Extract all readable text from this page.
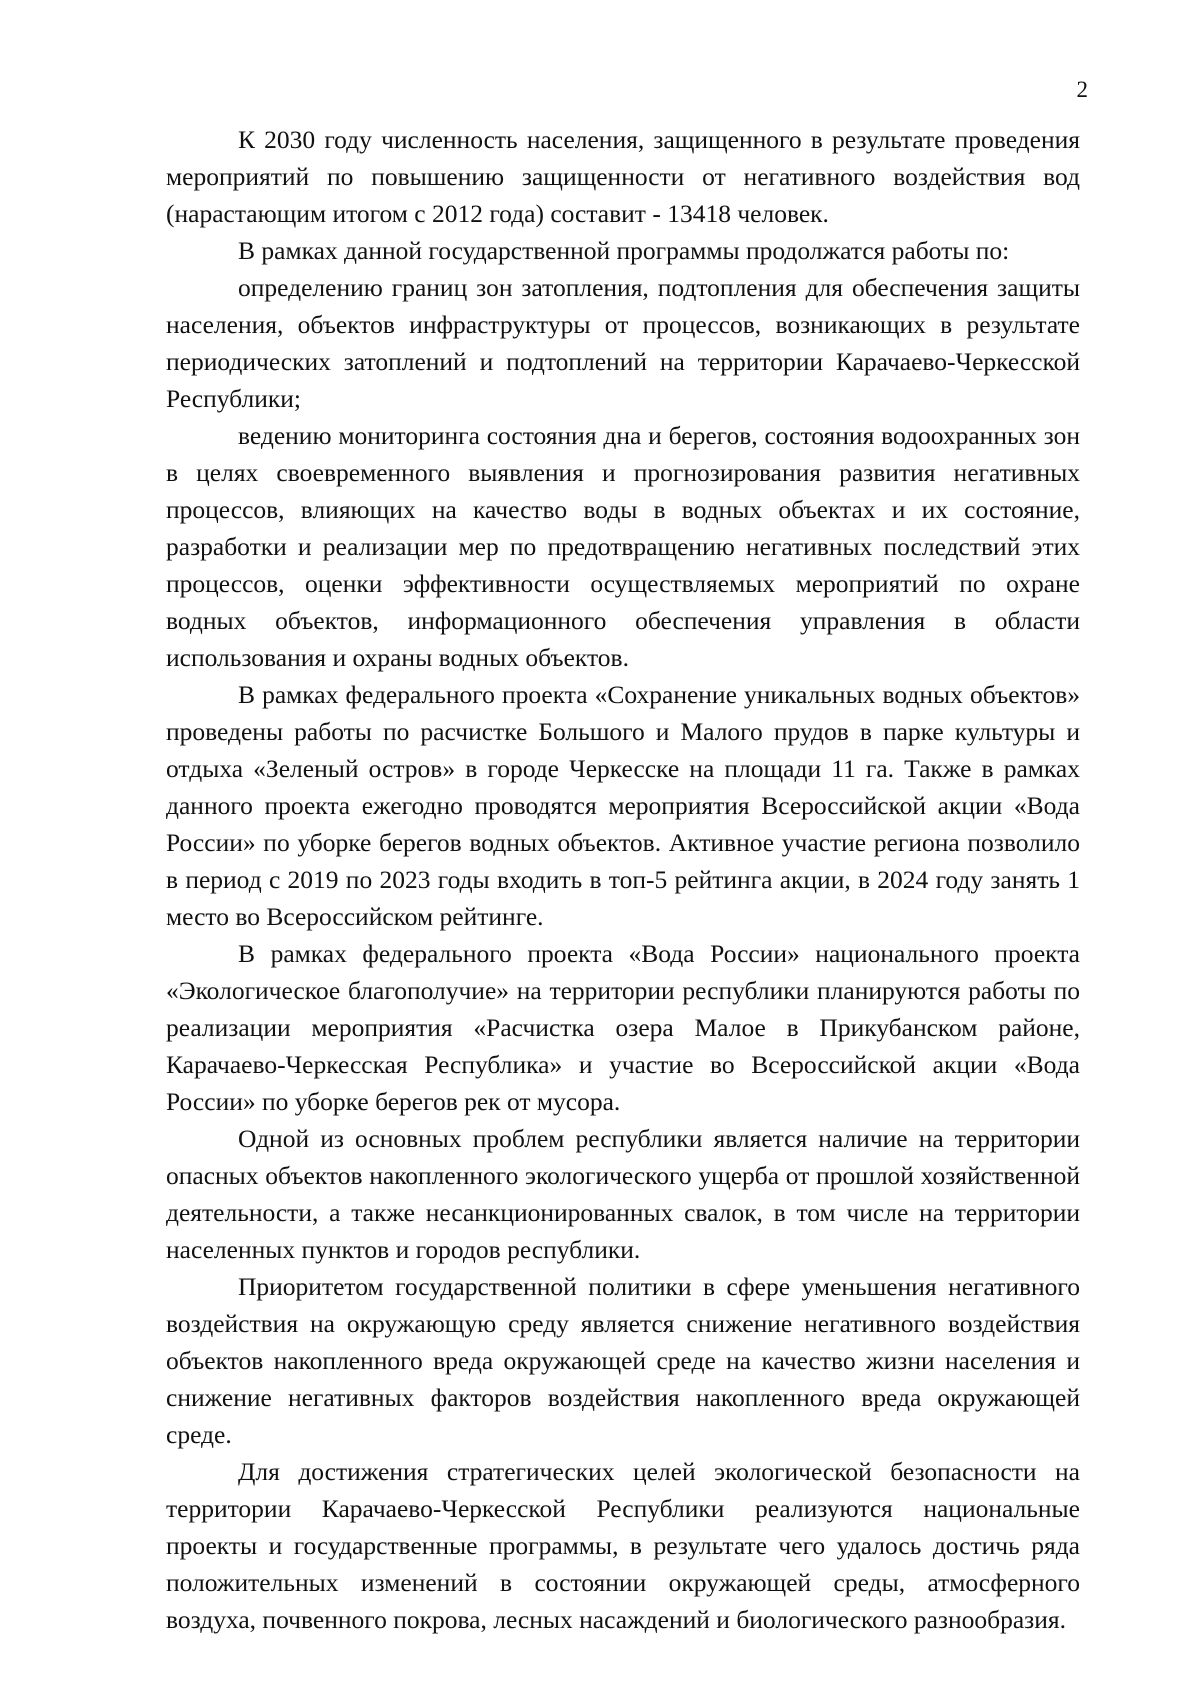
2

К 2030 году численность населения, защищенного в результате проведения мероприятий по повышению защищенности от негативного воздействия вод (нарастающим итогом с 2012 года) составит - 13418 человек.

В рамках данной государственной программы продолжатся работы по:

определению границ зон затопления, подтопления для обеспечения защиты населения, объектов инфраструктуры от процессов, возникающих в результате периодических затоплений и подтоплений на территории Карачаево-Черкесской Республики;

ведению мониторинга состояния дна и берегов, состояния водоохранных зон в целях своевременного выявления и прогнозирования развития негативных процессов, влияющих на качество воды в водных объектах и их состояние, разработки и реализации мер по предотвращению негативных последствий этих процессов, оценки эффективности осуществляемых мероприятий по охране водных объектов, информационного обеспечения управления в области использования и охраны водных объектов.

В рамках федерального проекта «Сохранение уникальных водных объектов» проведены работы по расчистке Большого и Малого прудов в парке культуры и отдыха «Зеленый остров» в городе Черкесске на площади 11 га. Также в рамках данного проекта ежегодно проводятся мероприятия Всероссийской акции «Вода России» по уборке берегов водных объектов. Активное участие региона позволило в период с 2019 по 2023 годы входить в топ-5 рейтинга акции, в 2024 году занять 1 место во Всероссийском рейтинге.

В рамках федерального проекта «Вода России» национального проекта «Экологическое благополучие» на территории республики планируются работы по реализации мероприятия «Расчистка озера Малое в Прикубанском районе, Карачаево-Черкесская Республика» и участие во Всероссийской акции «Вода России» по уборке берегов рек от мусора.

Одной из основных проблем республики является наличие на территории опасных объектов накопленного экологического ущерба от прошлой хозяйственной деятельности, а также несанкционированных свалок, в том числе на территории населенных пунктов и городов республики.

Приоритетом государственной политики в сфере уменьшения негативного воздействия на окружающую среду является снижение негативного воздействия объектов накопленного вреда окружающей среде на качество жизни населения и снижение негативных факторов воздействия накопленного вреда окружающей среде.

Для достижения стратегических целей экологической безопасности на территории Карачаево-Черкесской Республики реализуются национальные проекты и государственные программы, в результате чего удалось достичь ряда положительных изменений в состоянии окружающей среды, атмосферного воздуха, почвенного покрова, лесных насаждений и биологического разнообразия.
